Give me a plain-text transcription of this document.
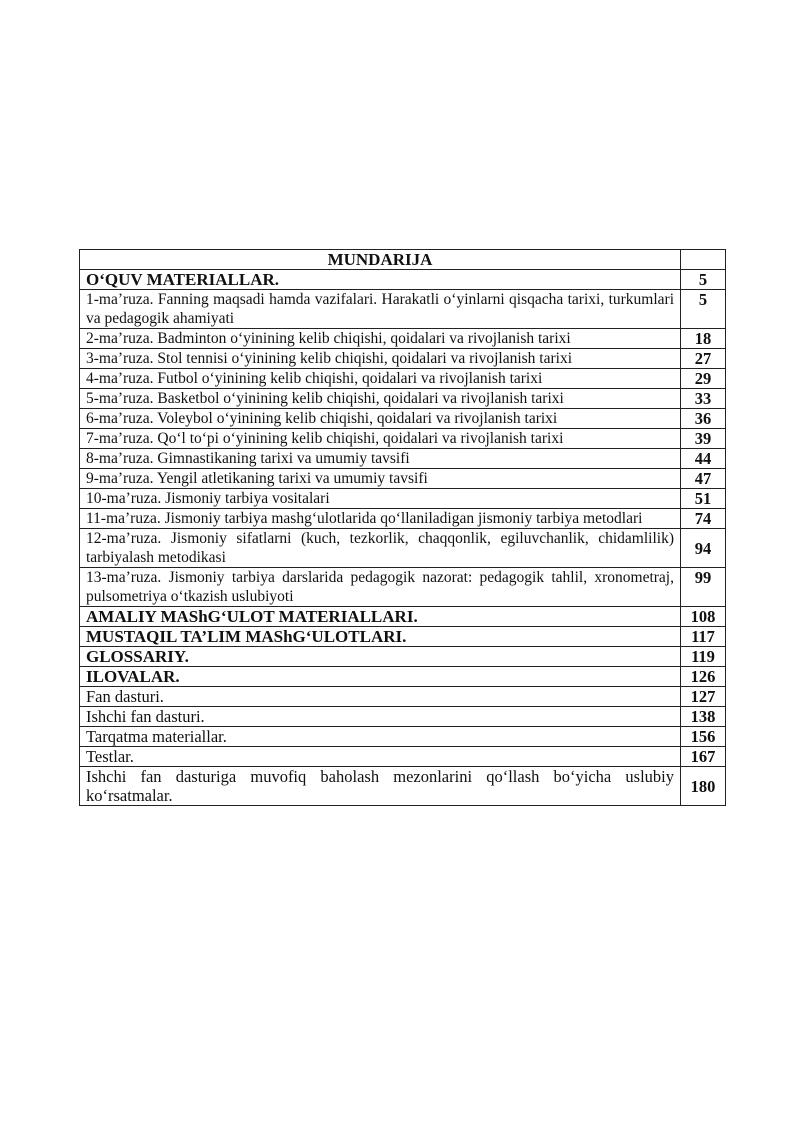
MUNDARIJA	
O‘QUV MATERIALLAR.	5
1-ma’ruza. Fanning maqsadi hamda vazifalari. Harakatli o‘yinlarni qisqacha tarixi, turkumlari va pedagogik ahamiyati	5
2-ma’ruza. Badminton o‘yinining kelib chiqishi, qoidalari va rivojlanish tarixi	18
3-ma’ruza. Stol tennisi o‘yinining kelib chiqishi, qoidalari va rivojlanish tarixi	27
4-ma’ruza. Futbol o‘yinining kelib chiqishi, qoidalari va rivojlanish tarixi	29
5-ma’ruza. Basketbol o‘yinining kelib chiqishi, qoidalari va rivojlanish tarixi	33
6-ma’ruza. Voleybol o‘yinining kelib chiqishi, qoidalari va rivojlanish tarixi	36
7-ma’ruza. Qo‘l to‘pi o‘yinining kelib chiqishi, qoidalari va rivojlanish tarixi	39
8-ma’ruza. Gimnastikaning tarixi va umumiy tavsifi	44
9-ma’ruza. Yengil atletikaning tarixi va umumiy tavsifi	47
10-ma’ruza. Jismoniy tarbiya vositalari	51
11-ma’ruza. Jismoniy tarbiya mashg‘ulotlarida qo‘llaniladigan jismoniy tarbiya metodlari	74
12-ma’ruza. Jismoniy sifatlarni (kuch, tezkorlik, chaqqonlik, egiluvchanlik, chidamlilik) tarbiyalash metodikasi	94
13-ma’ruza. Jismoniy tarbiya darslarida pedagogik nazorat: pedagogik tahlil, xronometraj, pulsometriya o‘tkazish uslubiyoti	99
AMALIY MAShG‘ULOT MATERIALLARI.	108
MUSTAQIL TA’LIM MAShG‘ULOTLARI.	117
GLOSSARIY.	119
ILOVALAR.	126
Fan dasturi.	127
Ishchi fan dasturi.	138
Tarqatma materiallar.	156
Testlar.	167
Ishchi fan dasturiga muvofiq baholash mezonlarini qo‘llash bo‘yicha uslubiy ko‘rsatmalar.	180
